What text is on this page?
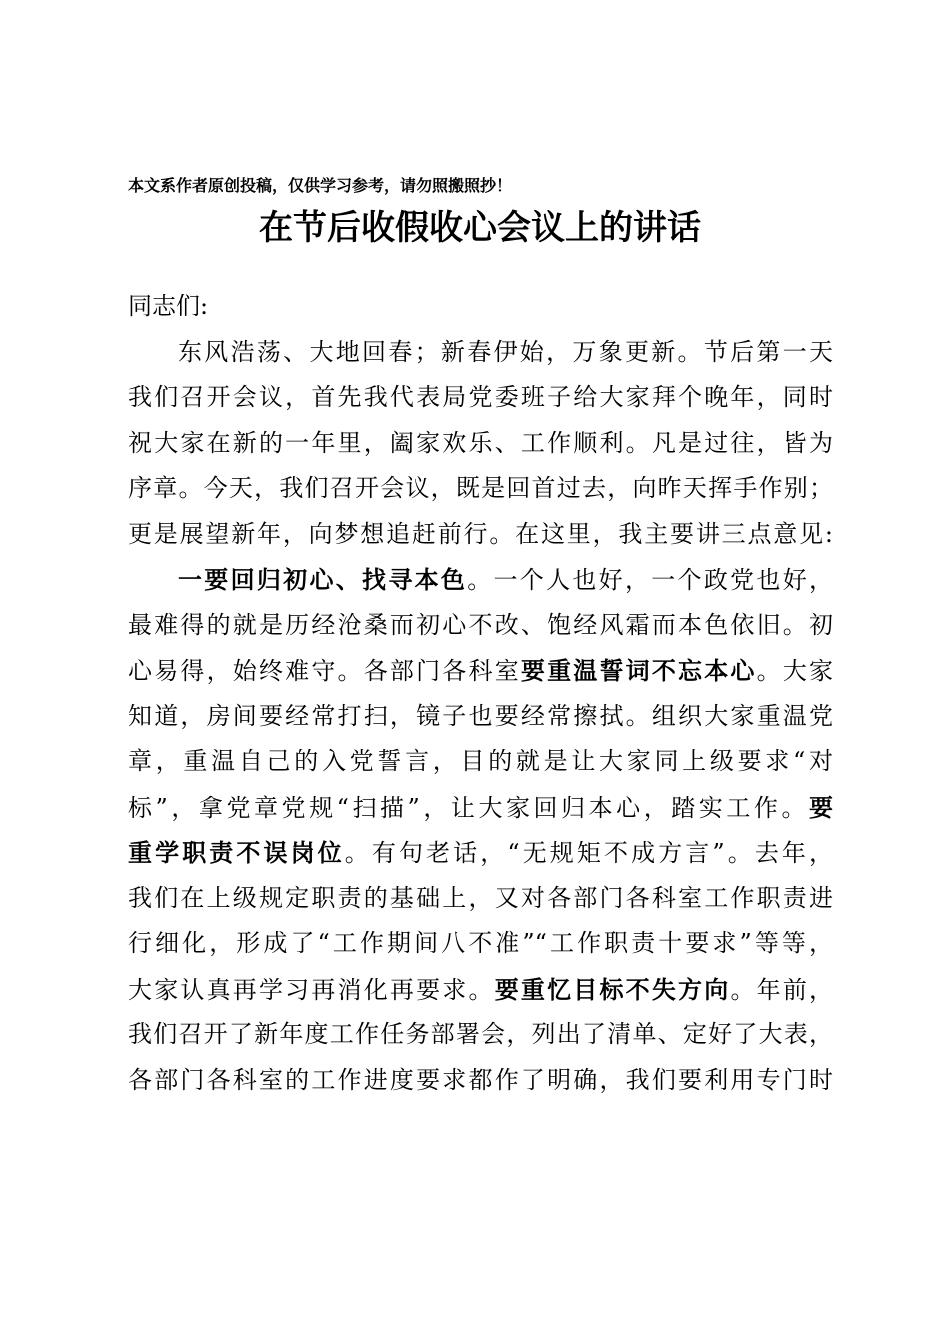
本文系作者原创投稿，仅供学习参考，请勿照搬照抄！
在节后收假收心会议上的讲话
同志们:
东风浩荡、大地回春；新春伊始，万象更新。节后第一天
我们召开会议，首先我代表局党委班子给大家拜个晚年，同时
祝大家在新的一年里，阖家欢乐、工作顺利。凡是过往，皆为
序章。今天，我们召开会议，既是回首过去，向昨天挥手作别；
更是展望新年，向梦想追赶前行。在这里，我主要讲三点意见:
一要回归初心、找寻本色。一个人也好，一个政党也好，
最难得的就是历经沧桑而初心不改、饱经风霜而本色依旧。初
心易得，始终难守。各部门各科室要重温誓词不忘本心。大家
知道，房间要经常打扫，镜子也要经常擦拭。组织大家重温党
章，重温自己的入党誓言，目的就是让大家同上级要求“对
标”，拿党章党规“扫描”，让大家回归本心，踏实工作。要
重学职责不误岗位。有句老话，“无规矩不成方言”。去年，
我们在上级规定职责的基础上，又对各部门各科室工作职责进
行细化，形成了“工作期间八不准”“工作职责十要求”等等，
大家认真再学习再消化再要求。要重忆目标不失方向。年前，
我们召开了新年度工作任务部署会，列出了清单、定好了大表，
各部门各科室的工作进度要求都作了明确，我们要利用专门时
